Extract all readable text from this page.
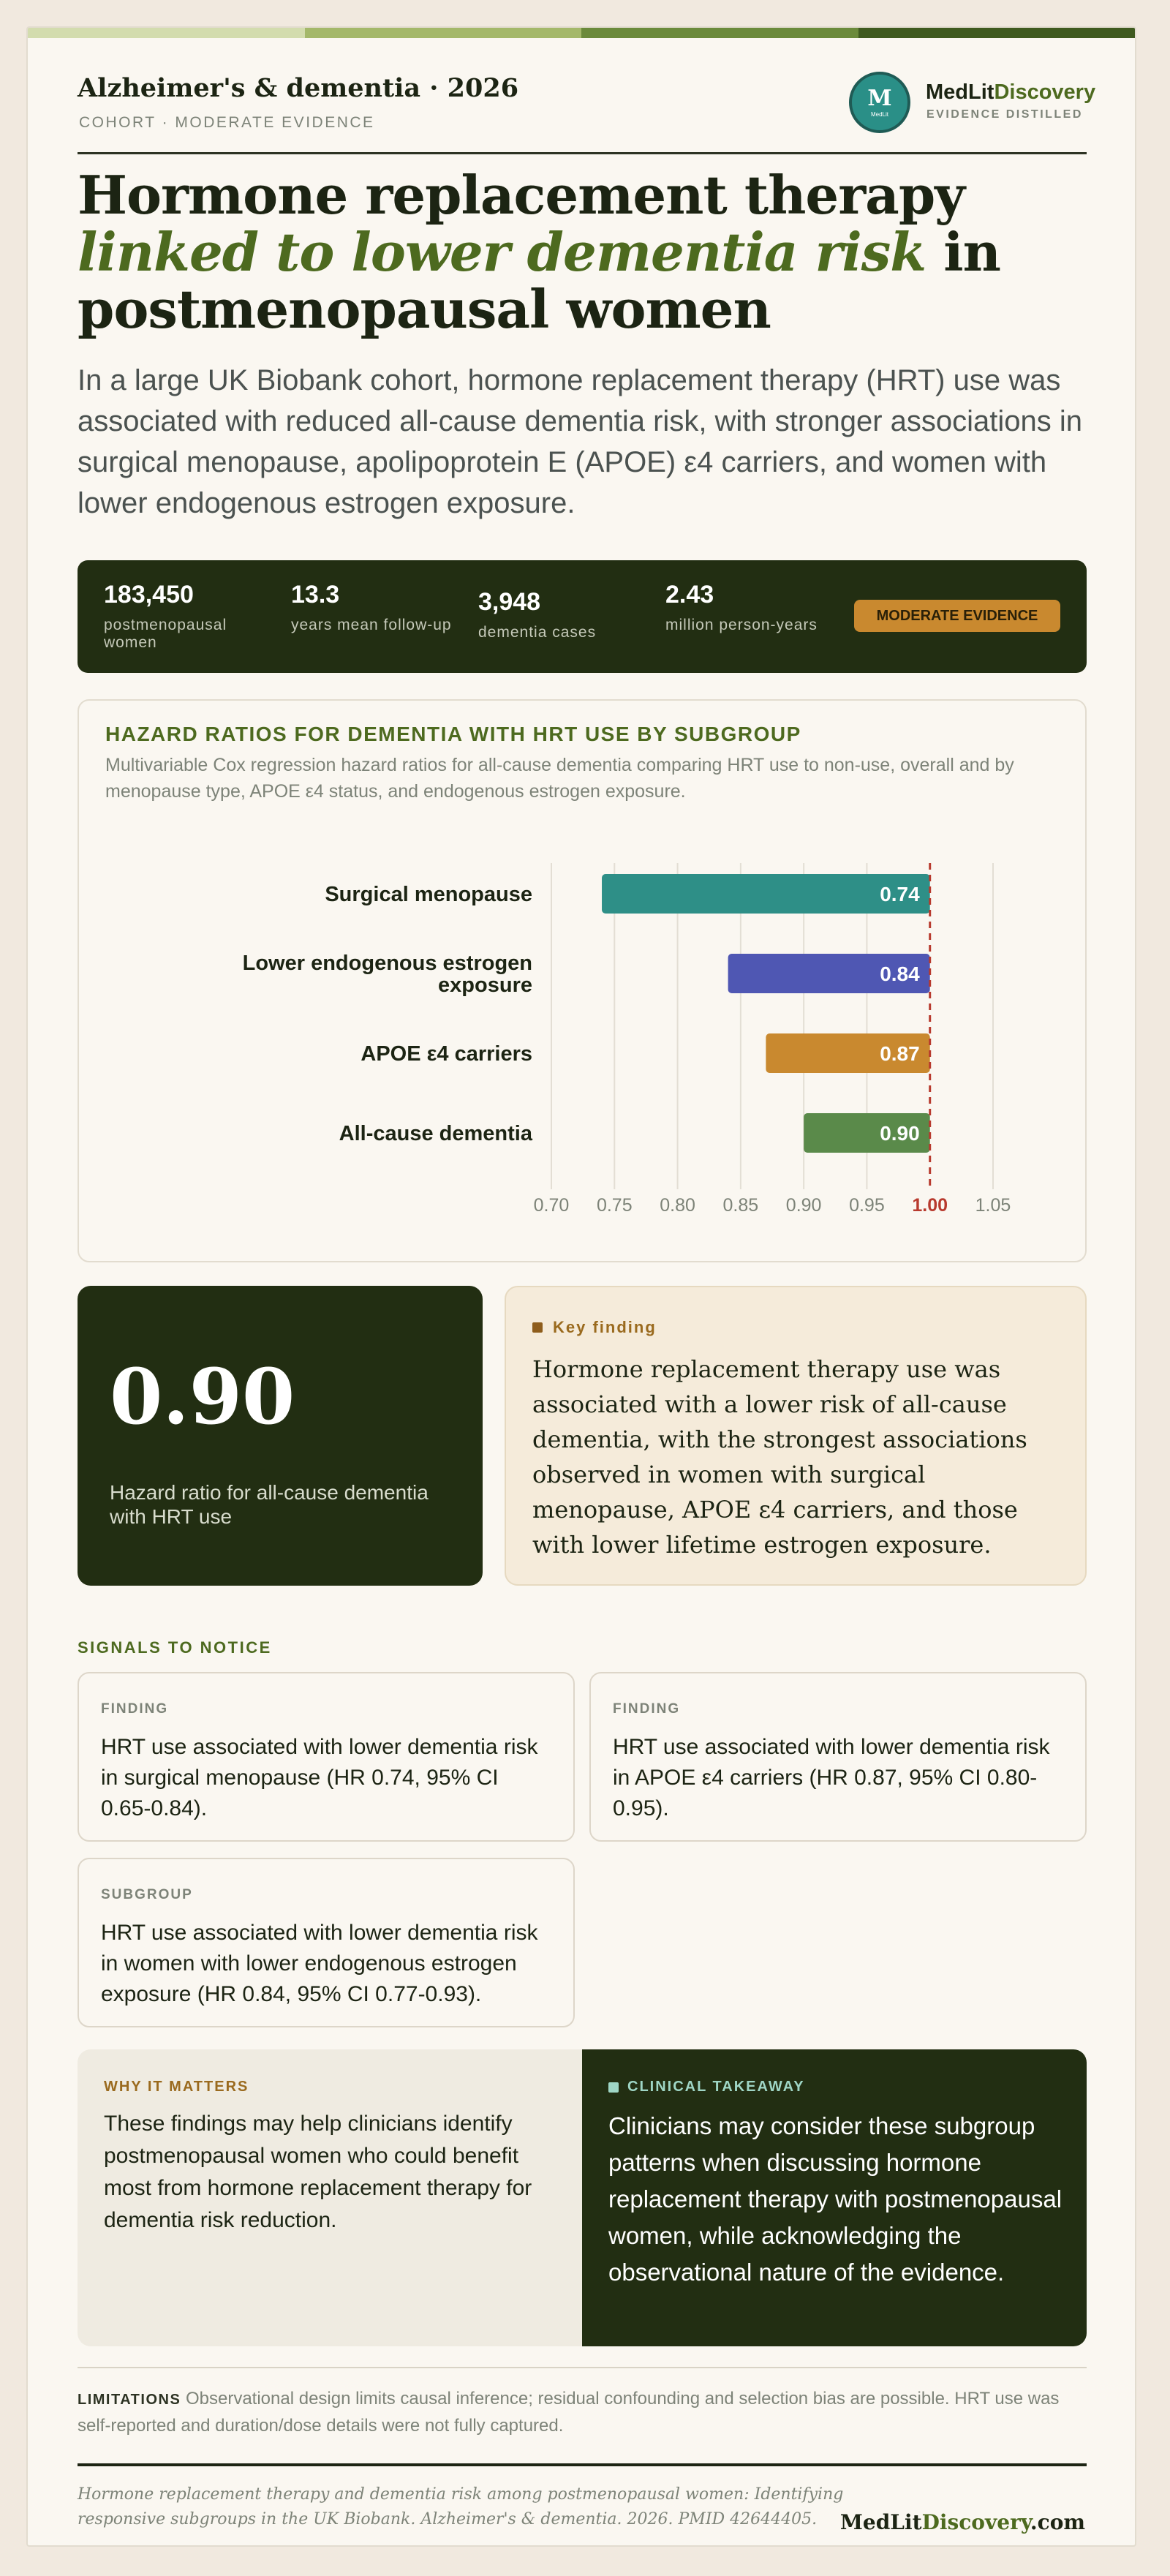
Alzheimer's & dementia · 2026
COHORT · MODERATE EVIDENCE
M
MedLit
MedLitDiscovery
EVIDENCE DISTILLED
Hormone replacement therapy linked to lower dementia risk in postmenopausal women

In a large UK Biobank cohort, hormone replacement therapy (HRT) use was associated with reduced all-cause dementia risk, with stronger associations in surgical menopause, apolipoprotein E (APOE) ε4 carriers, and women with lower endogenous estrogen exposure.

183,450
postmenopausal women
13.3
years mean follow-up
3,948
dementia cases
2.43
million person-years
MODERATE EVIDENCE
HAZARD RATIOS FOR DEMENTIA WITH HRT USE BY SUBGROUP
Multivariable Cox regression hazard ratios for all-cause dementia comparing HRT use to non-use, overall and by menopause type, APOE ε4 status, and endogenous estrogen exposure.
0.70 0.75 0.80 0.85 0.90 0.95 1.00 1.05
0.74
Surgical menopause
0.84
Lower endogenous estrogen exposure
0.87
APOE ε4 carriers
0.90
All-cause dementia
0.90
Hazard ratio for all-cause dementia with HRT use
Key finding
Hormone replacement therapy use was associated with a lower risk of all-cause dementia, with the strongest associations observed in women with surgical menopause, APOE ε4 carriers, and those with lower lifetime estrogen exposure.
SIGNALS TO NOTICE
FINDING
HRT use associated with lower dementia risk in surgical menopause (HR 0.74, 95% CI 0.65-0.84).
FINDING
HRT use associated with lower dementia risk in APOE ε4 carriers (HR 0.87, 95% CI 0.80-0.95).
SUBGROUP
HRT use associated with lower dementia risk in women with lower endogenous estrogen exposure (HR 0.84, 95% CI 0.77-0.93).
WHY IT MATTERS
These findings may help clinicians identify postmenopausal women who could benefit most from hormone replacement therapy for dementia risk reduction.
CLINICAL TAKEAWAY
Clinicians may consider these subgroup patterns when discussing hormone replacement therapy with postmenopausal women, while acknowledging the observational nature of the evidence.

LIMITATIONS Observational design limits causal inference; residual confounding and selection bias are possible. HRT use was self-reported and duration/dose details were not fully captured.

Hormone replacement therapy and dementia risk among postmenopausal women: Identifying responsive subgroups in the UK Biobank. Alzheimer's & dementia. 2026. PMID 42644405.	MedLitDiscovery.com
